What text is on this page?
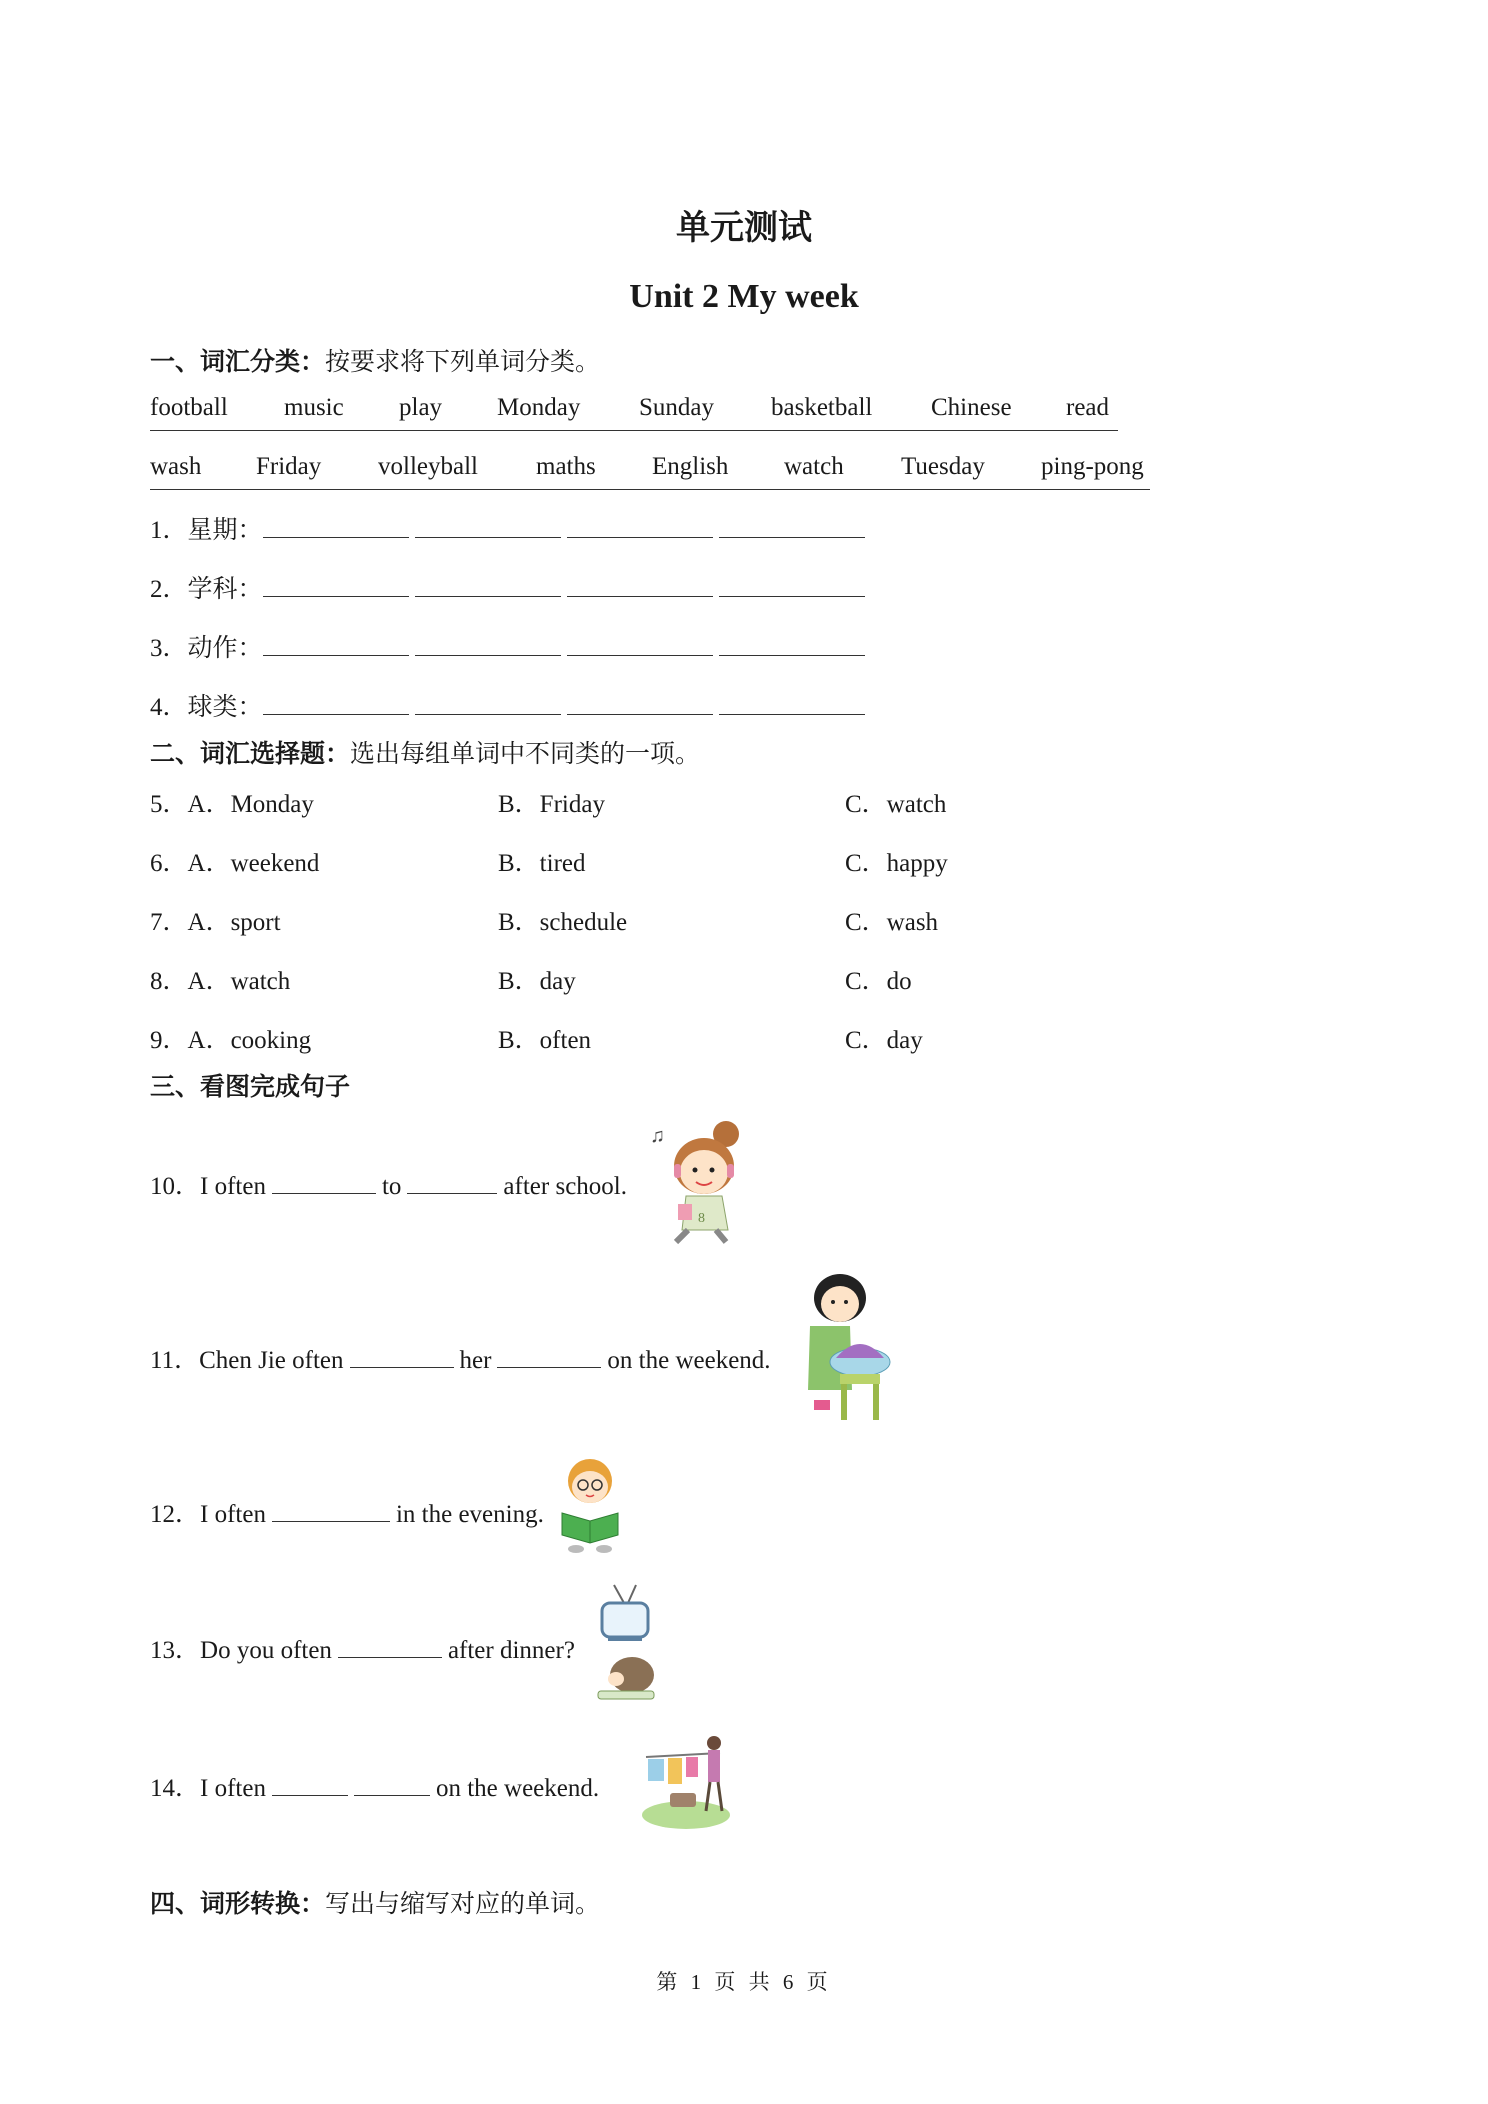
单元测试
Unit 2 My week
一、词汇分类：按要求将下列单词分类。
football music play Monday Sunday basketball Chinese read
wash Friday volleyball maths English watch Tuesday ping-pong
1．星期：
2．学科：
3．动作：
4．球类：
二、词汇选择题：选出每组单词中不同类的一项。
5．A．Monday	B．Friday	C．watch
6．A．weekend	B．tired	C．happy
7．A．sport	B．schedule	C．wash
8．A．watch	B．day	C．do
9．A．cooking	B．often	C．day
三、看图完成句子
10．I often	to	after school.
♫
8
11．Chen Jie often	her	on the weekend.
12．I often	in the evening.
13．Do you often	after dinner?
14．I often	on the weekend.
四、词形转换：写出与缩写对应的单词。
第 1 页 共 6 页
